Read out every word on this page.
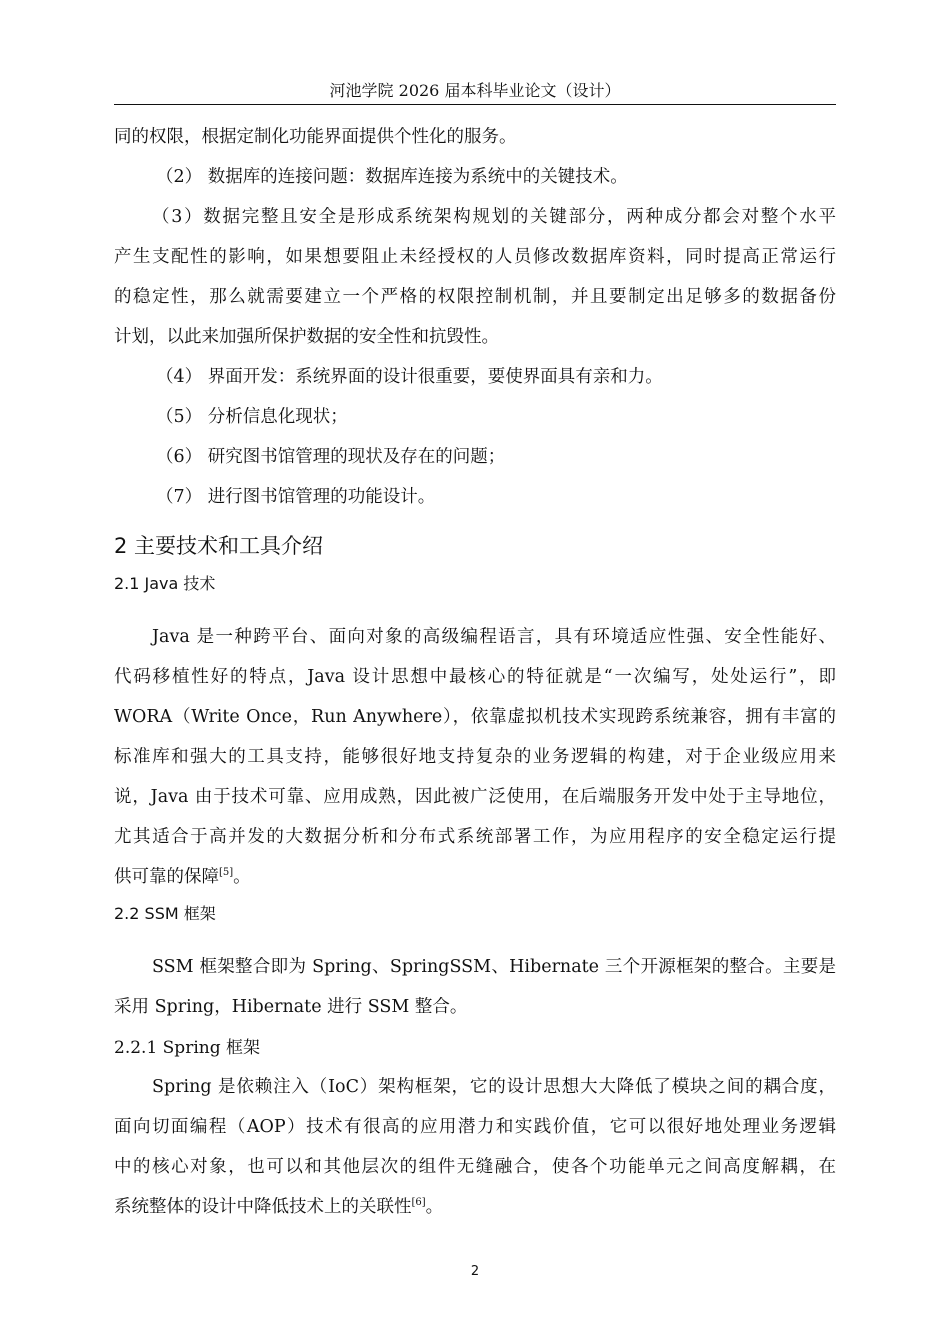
河池学院 2026 届本科毕业论文（设计）
同的权限，根据定制化功能界面提供个性化的服务。
（2） 数据库的连接问题：数据库连接为系统中的关键技术。
（3）数据完整且安全是形成系统架构规划的关键部分，两种成分都会对整个水平
产生支配性的影响，如果想要阻止未经授权的人员修改数据库资料，同时提高正常运行
的稳定性，那么就需要建立一个严格的权限控制机制，并且要制定出足够多的数据备份
计划，以此来加强所保护数据的安全性和抗毁性。
（4） 界面开发：系统界面的设计很重要，要使界面具有亲和力。
（5） 分析信息化现状；
（6） 研究图书馆管理的现状及存在的问题；
（7） 进行图书馆管理的功能设计。
2 主要技术和工具介绍
2.1 Java 技术
Java 是一种跨平台、面向对象的高级编程语言，具有环境适应性强、安全性能好、
代码移植性好的特点，Java 设计思想中最核心的特征就是“一次编写，处处运行”，即
WORA（Write Once，Run Anywhere），依靠虚拟机技术实现跨系统兼容，拥有丰富的
标准库和强大的工具支持，能够很好地支持复杂的业务逻辑的构建，对于企业级应用来
说，Java 由于技术可靠、应用成熟，因此被广泛使用，在后端服务开发中处于主导地位，
尤其适合于高并发的大数据分析和分布式系统部署工作，为应用程序的安全稳定运行提
供可靠的保障[5]。
2.2 SSM 框架
SSM 框架整合即为 Spring、SpringSSM、Hibernate 三个开源框架的整合。主要是
采用 Spring，Hibernate 进行 SSM 整合。
2.2.1 Spring 框架
Spring 是依赖注入（IoC）架构框架，它的设计思想大大降低了模块之间的耦合度，
面向切面编程（AOP）技术有很高的应用潜力和实践价值，它可以很好地处理业务逻辑
中的核心对象，也可以和其他层次的组件无缝融合，使各个功能单元之间高度解耦，在
系统整体的设计中降低技术上的关联性[6]。
2
